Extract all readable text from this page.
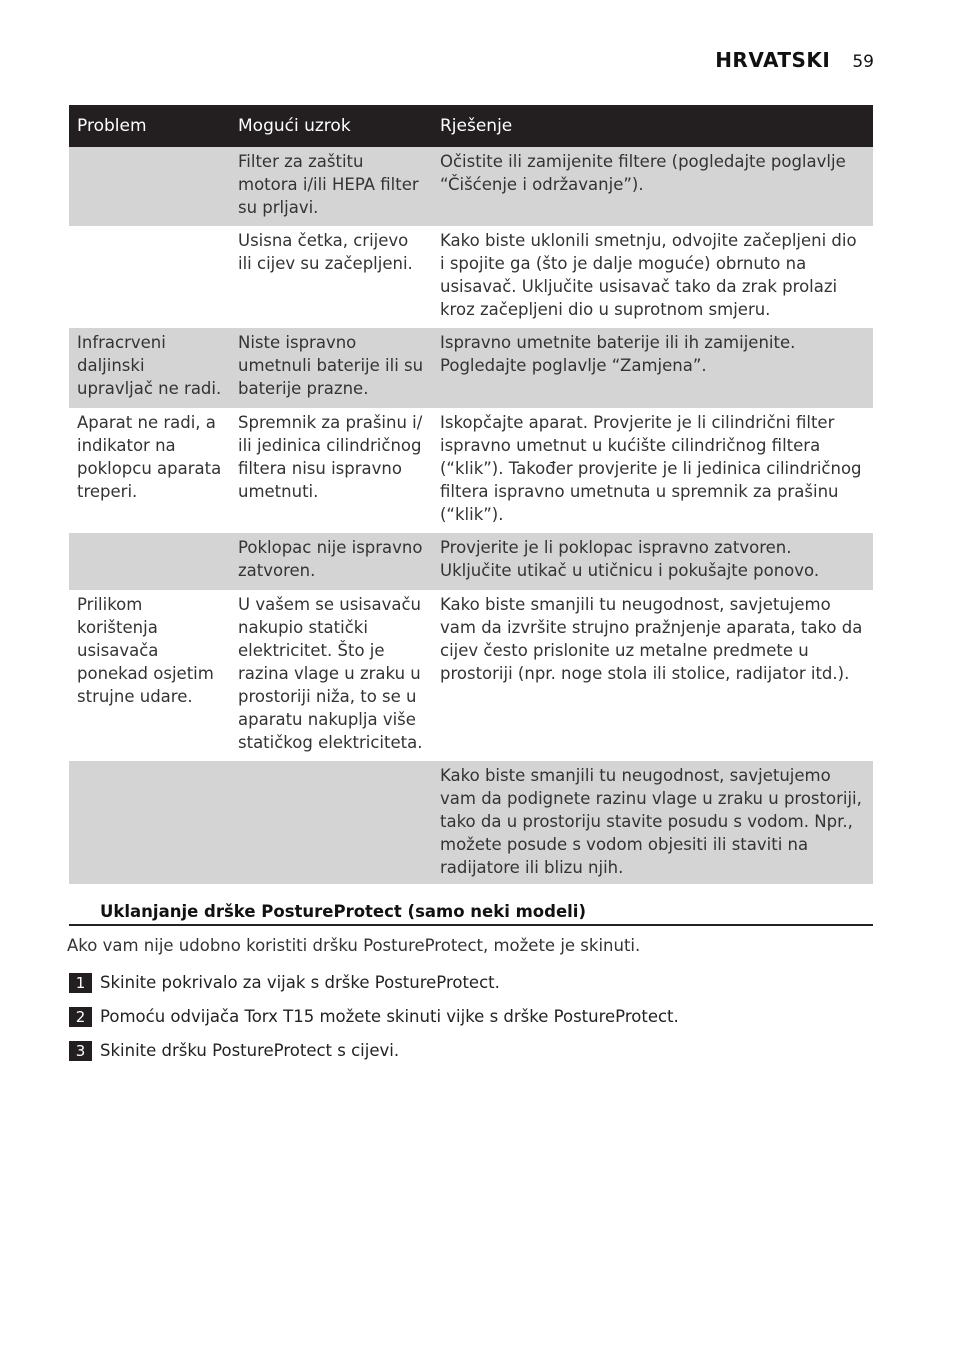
HRVATSKI 59
Problem	Mogući uzrok	Rješenje
	Filter za zaštitu motora i/ili HEPA filter su prljavi.	Očistite ili zamijenite filtere (pogledajte poglavlje “Čišćenje i održavanje”).
	Usisna četka, crijevo ili cijev su začepljeni.	Kako biste uklonili smetnju, odvojite začepljeni dio i spojite ga (što je dalje moguće) obrnuto na usisavač. Uključite usisavač tako da zrak prolazi kroz začepljeni dio u suprotnom smjeru.
Infracrveni daljinski upravljač ne radi.	Niste ispravno umetnuli baterije ili su baterije prazne.	Ispravno umetnite baterije ili ih zamijenite. Pogledajte poglavlje “Zamjena”.
Aparat ne radi, a indikator na poklopcu aparata treperi.	Spremnik za prašinu i/ ili jedinica cilindričnog filtera nisu ispravno umetnuti.	Iskopčajte aparat. Provjerite je li cilindrični filter ispravno umetnut u kućište cilindričnog filtera (“klik”). Također provjerite je li jedinica cilindričnog filtera ispravno umetnuta u spremnik za prašinu (“klik”).
	Poklopac nije ispravno zatvoren.	Provjerite je li poklopac ispravno zatvoren. Uključite utikač u utičnicu i pokušajte ponovo.
Prilikom korištenja usisavača ponekad osjetim strujne udare.	U vašem se usisavaču nakupio statički elektricitet. Što je razina vlage u zraku u prostoriji niža, to se u aparatu nakuplja više statičkog elektriciteta.	Kako biste smanjili tu neugodnost, savjetujemo vam da izvršite strujno pražnjenje aparata, tako da cijev često prislonite uz metalne predmete u prostoriji (npr. noge stola ili stolice, radijator itd.).
		Kako biste smanjili tu neugodnost, savjetujemo vam da podignete razinu vlage u zraku u prostoriji, tako da u prostoriju stavite posudu s vodom. Npr., možete posude s vodom objesiti ili staviti na radijatore ili blizu njih.
Uklanjanje drške PostureProtect (samo neki modeli)
Ako vam nije udobno koristiti dršku PostureProtect, možete je skinuti.
1 Skinite pokrivalo za vijak s drške PostureProtect.
2 Pomoću odvijača Torx T15 možete skinuti vijke s drške PostureProtect.
3 Skinite dršku PostureProtect s cijevi.
